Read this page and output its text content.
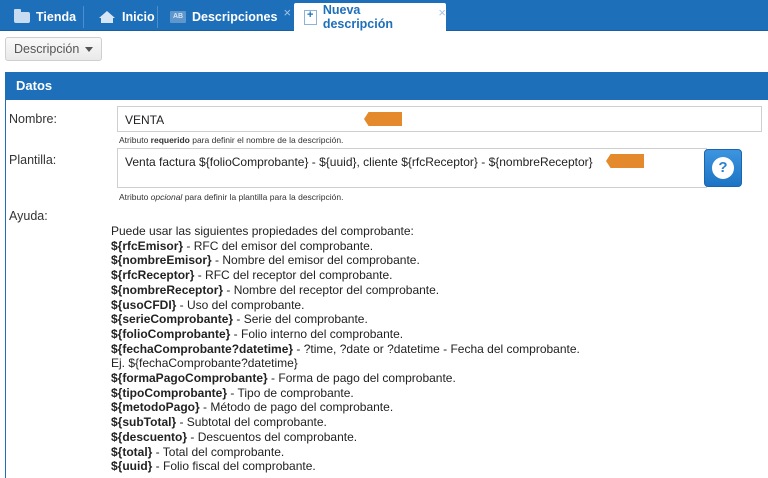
Tienda	Inicio	AB Descripciones ×
+	Nueva descripción
×
Descripción
Datos
Nombre:	VENTA
Atributo requerido para definir el nombre de la descripción.
Plantilla:	Venta factura ${folioComprobante} - ${uuid}, cliente ${rfcReceptor} - ${nombreReceptor}
Atributo opcional para definir la plantilla para la descripción.
Ayuda:
?
Puede usar las siguientes propiedades del comprobante:
${rfcEmisor} - RFC del emisor del comprobante.
${nombreEmisor} - Nombre del emisor del comprobante.
${rfcReceptor} - RFC del receptor del comprobante.
${nombreReceptor} - Nombre del receptor del comprobante.
${usoCFDI} - Uso del comprobante.
${serieComprobante} - Serie del comprobante.
${folioComprobante} - Folio interno del comprobante.
${fechaComprobante?datetime} - ?time, ?date or ?datetime - Fecha del comprobante.
Ej. ${fechaComprobante?datetime}
${formaPagoComprobante} - Forma de pago del comprobante.
${tipoComprobante} - Tipo de comprobante.
${metodoPago} - Método de pago del comprobante.
${subTotal} - Subtotal del comprobante.
${descuento} - Descuentos del comprobante.
${total} - Total del comprobante.
${uuid} - Folio fiscal del comprobante.
